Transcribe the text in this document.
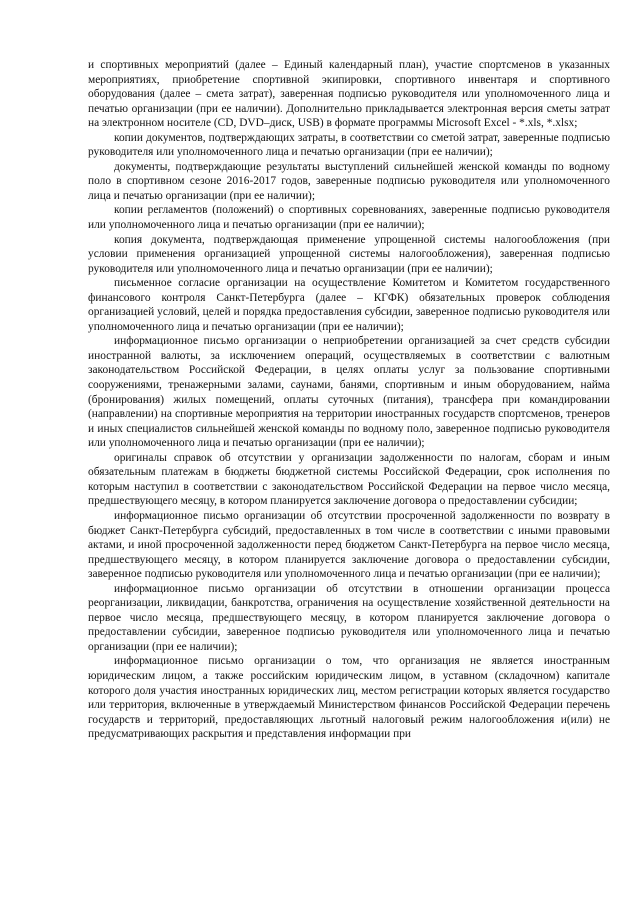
и спортивных мероприятий (далее – Единый календарный план), участие спортсменов в указанных мероприятиях, приобретение спортивной экипировки, спортивного инвентаря и спортивного оборудования (далее – смета затрат), заверенная подписью руководителя или уполномоченного лица и печатью организации (при ее наличии). Дополнительно прикладывается электронная версия сметы затрат на электронном носителе (CD, DVD–диск, USB) в формате программы Microsoft Excel - *.xls, *.xlsx;

копии документов, подтверждающих затраты, в соответствии со сметой затрат, заверенные подписью руководителя или уполномоченного лица и печатью организации (при ее наличии);

документы, подтверждающие результаты выступлений сильнейшей женской команды по водному поло в спортивном сезоне 2016-2017 годов, заверенные подписью руководителя или уполномоченного лица и печатью организации (при ее наличии);

копии регламентов (положений) о спортивных соревнованиях, заверенные подписью руководителя или уполномоченного лица и печатью организации (при ее наличии);

копия документа, подтверждающая применение упрощенной системы налогообложения (при условии применения организацией упрощенной системы налогообложения), заверенная подписью руководителя или уполномоченного лица и печатью организации (при ее наличии);

письменное согласие организации на осуществление Комитетом и Комитетом государственного финансового контроля Санкт-Петербурга (далее – КГФК) обязательных проверок соблюдения организацией условий, целей и порядка предоставления субсидии, заверенное подписью руководителя или уполномоченного лица и печатью организации (при ее наличии);

информационное письмо организации о неприобретении организацией за счет средств субсидии иностранной валюты, за исключением операций, осуществляемых в соответствии с валютным законодательством Российской Федерации, в целях оплаты услуг за пользование спортивными сооружениями, тренажерными залами, саунами, банями, спортивным и иным оборудованием, найма (бронирования) жилых помещений, оплаты суточных (питания), трансфера при командировании (направлении) на спортивные мероприятия на территории иностранных государств спортсменов, тренеров и иных специалистов сильнейшей женской команды по водному поло, заверенное подписью руководителя или уполномоченного лица и печатью организации (при ее наличии);

оригиналы справок об отсутствии у организации задолженности по налогам, сборам и иным обязательным платежам в бюджеты бюджетной системы Российской Федерации, срок исполнения по которым наступил в соответствии с законодательством Российской Федерации на первое число месяца, предшествующего месяцу, в котором планируется заключение договора о предоставлении субсидии;

информационное письмо организации об отсутствии просроченной задолженности по возврату в бюджет Санкт-Петербурга субсидий, предоставленных в том числе в соответствии с иными правовыми актами, и иной просроченной задолженности перед бюджетом Санкт-Петербурга на первое число месяца, предшествующего месяцу, в котором планируется заключение договора о предоставлении субсидии, заверенное подписью руководителя или уполномоченного лица и печатью организации (при ее наличии);

информационное письмо организации об отсутствии в отношении организации процесса реорганизации, ликвидации, банкротства, ограничения на осуществление хозяйственной деятельности на первое число месяца, предшествующего месяцу, в котором планируется заключение договора о предоставлении субсидии, заверенное подписью руководителя или уполномоченного лица и печатью организации (при ее наличии);

информационное письмо организации о том, что организация не является иностранным юридическим лицом, а также российским юридическим лицом, в уставном (складочном) капитале которого доля участия иностранных юридических лиц, местом регистрации которых является государство или территория, включенные в утверждаемый Министерством финансов Российской Федерации перечень государств и территорий, предоставляющих льготный налоговый режим налогообложения и(или) не предусматривающих раскрытия и представления информации при
